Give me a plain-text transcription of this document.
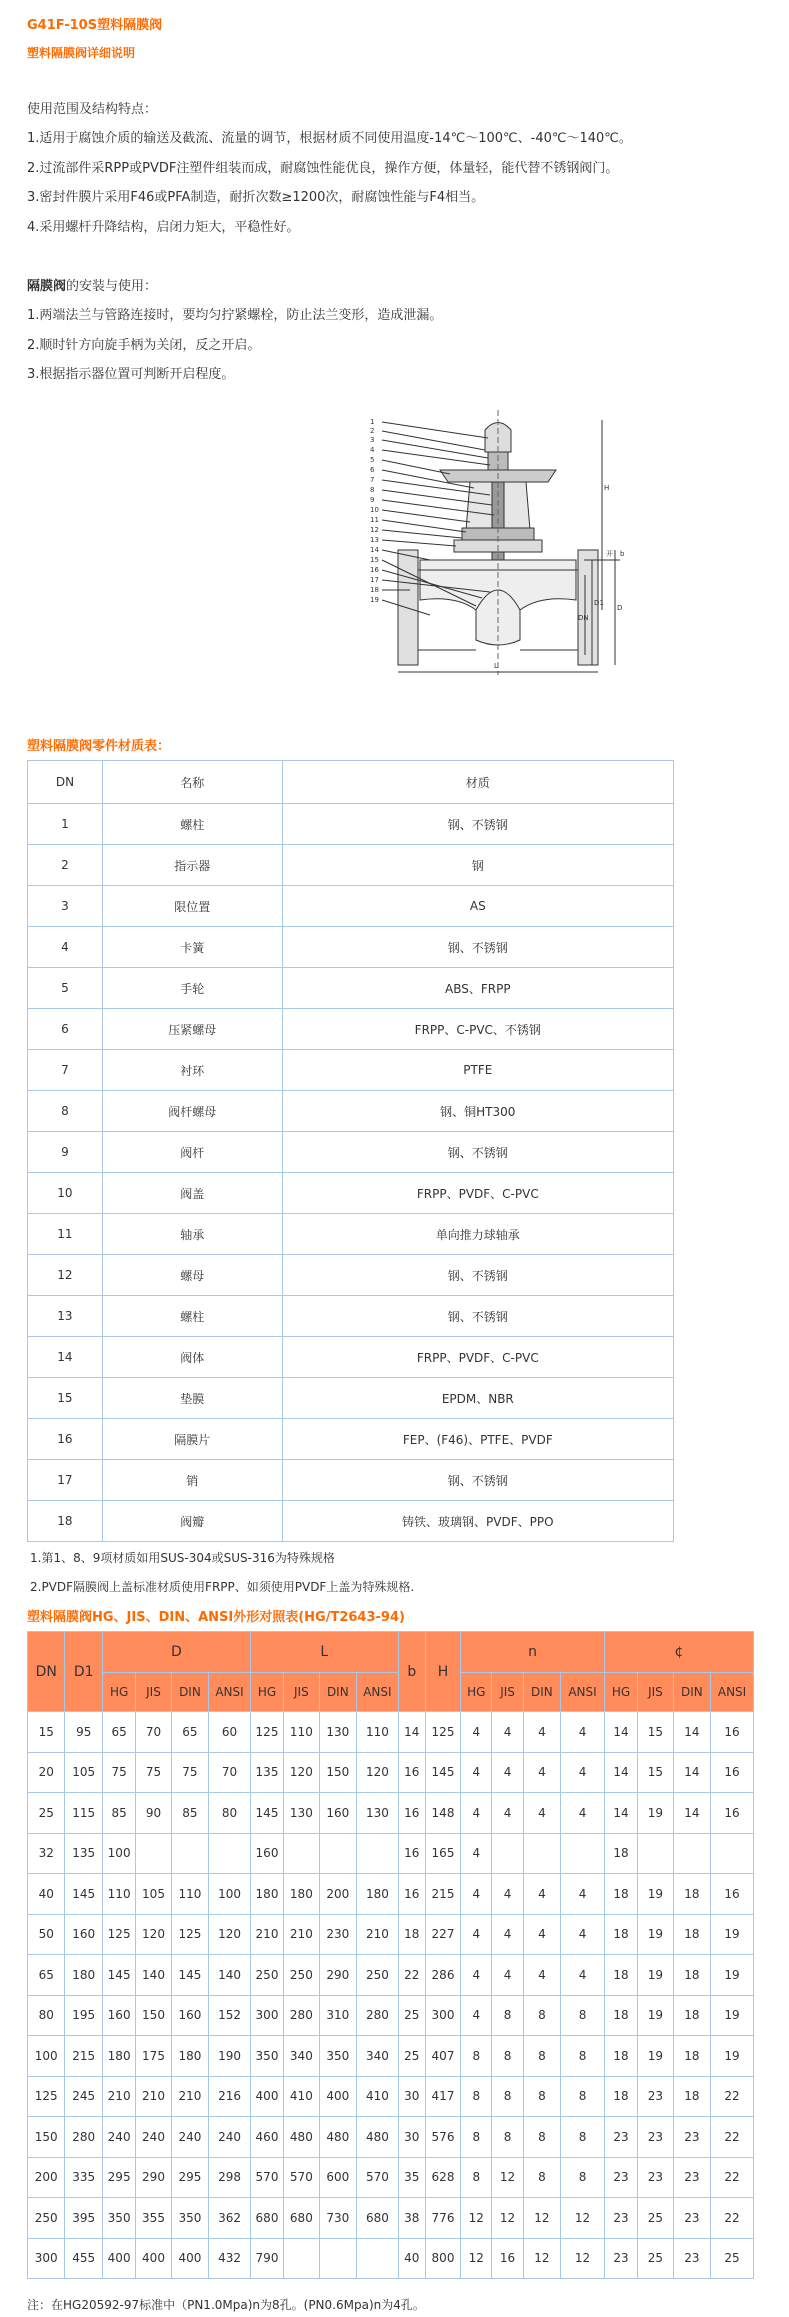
G41F-10S塑料隔膜阀
塑料隔膜阀详细说明
使用范围及结构特点：
1.适用于腐蚀介质的输送及截流、流量的调节，根据材质不同使用温度-14℃～100℃、-40℃～140℃。
2.过流部件采RPP或PVDF注塑件组装而成，耐腐蚀性能优良，操作方便，体量轻，能代替不锈钢阀门。
3.密封件膜片采用F46或PFA制造，耐折次数≥1200次，耐腐蚀性能与F4相当。
4.采用螺杆升降结构，启闭力矩大，平稳性好。
隔膜阀的安装与使用：
1.两端法兰与管路连接时，要均匀拧紧螺栓，防止法兰变形，造成泄漏。
2.顺时针方向旋手柄为关闭，反之开启。
3.根据指示器位置可判断开启程度。
1
2
3
4
5
6
7
8
9
10
11
12
13
14
15
16
17
18
19
H
开 b
DN
D1
D
L
塑料隔膜阀零件材质表：
DN	名称	材质
1	螺柱	钢、不锈钢
2	指示器	钢
3	限位置	AS
4	卡簧	钢、不锈钢
5	手轮	ABS、FRPP
6	压紧螺母	FRPP、C-PVC、不锈钢
7	衬环	PTFE
8	阀杆螺母	钢、铜HT300
9	阀杆	钢、不锈钢
10	阀盖	FRPP、PVDF、C-PVC
11	轴承	单向推力球轴承
12	螺母	钢、不锈钢
13	螺柱	钢、不锈钢
14	阀体	FRPP、PVDF、C-PVC
15	垫膜	EPDM、NBR
16	隔膜片	FEP、(F46)、PTFE、PVDF
17	销	钢、不锈钢
18	阀瓣	铸铁、玻璃钢、PVDF、PPO
1.第1、8、9项材质如用SUS-304或SUS-316为特殊规格
2.PVDF隔膜阀上盖标准材质使用FRPP、如须使用PVDF上盖为特殊规格.
塑料隔膜阀HG、JIS、DIN、ANSI外形对照表(HG/T2643-94)
DN	D1	D				L				b	H	n				¢			
		HG	JIS	DIN	ANSI	HG	JIS	DIN	ANSI			HG	JIS	DIN	ANSI	HG	JIS	DIN	ANSI
15	95	65	70	65	60	125	110	130	110	14	125	4	4	4	4	14	15	14	16
20	105	75	75	75	70	135	120	150	120	16	145	4	4	4	4	14	15	14	16
25	115	85	90	85	80	145	130	160	130	16	148	4	4	4	4	14	19	14	16
32	135	100				160				16	165	4				18			
40	145	110	105	110	100	180	180	200	180	16	215	4	4	4	4	18	19	18	16
50	160	125	120	125	120	210	210	230	210	18	227	4	4	4	4	18	19	18	19
65	180	145	140	145	140	250	250	290	250	22	286	4	4	4	4	18	19	18	19
80	195	160	150	160	152	300	280	310	280	25	300	4	8	8	8	18	19	18	19
100	215	180	175	180	190	350	340	350	340	25	407	8	8	8	8	18	19	18	19
125	245	210	210	210	216	400	410	400	410	30	417	8	8	8	8	18	23	18	22
150	280	240	240	240	240	460	480	480	480	30	576	8	8	8	8	23	23	23	22
200	335	295	290	295	298	570	570	600	570	35	628	8	12	8	8	23	23	23	22
250	395	350	355	350	362	680	680	730	680	38	776	12	12	12	12	23	25	23	22
300	455	400	400	400	432	790				40	800	12	16	12	12	23	25	23	25
注：在HG20592-97标准中（PN1.0Mpa)n为8孔。(PN0.6Mpa)n为4孔。
